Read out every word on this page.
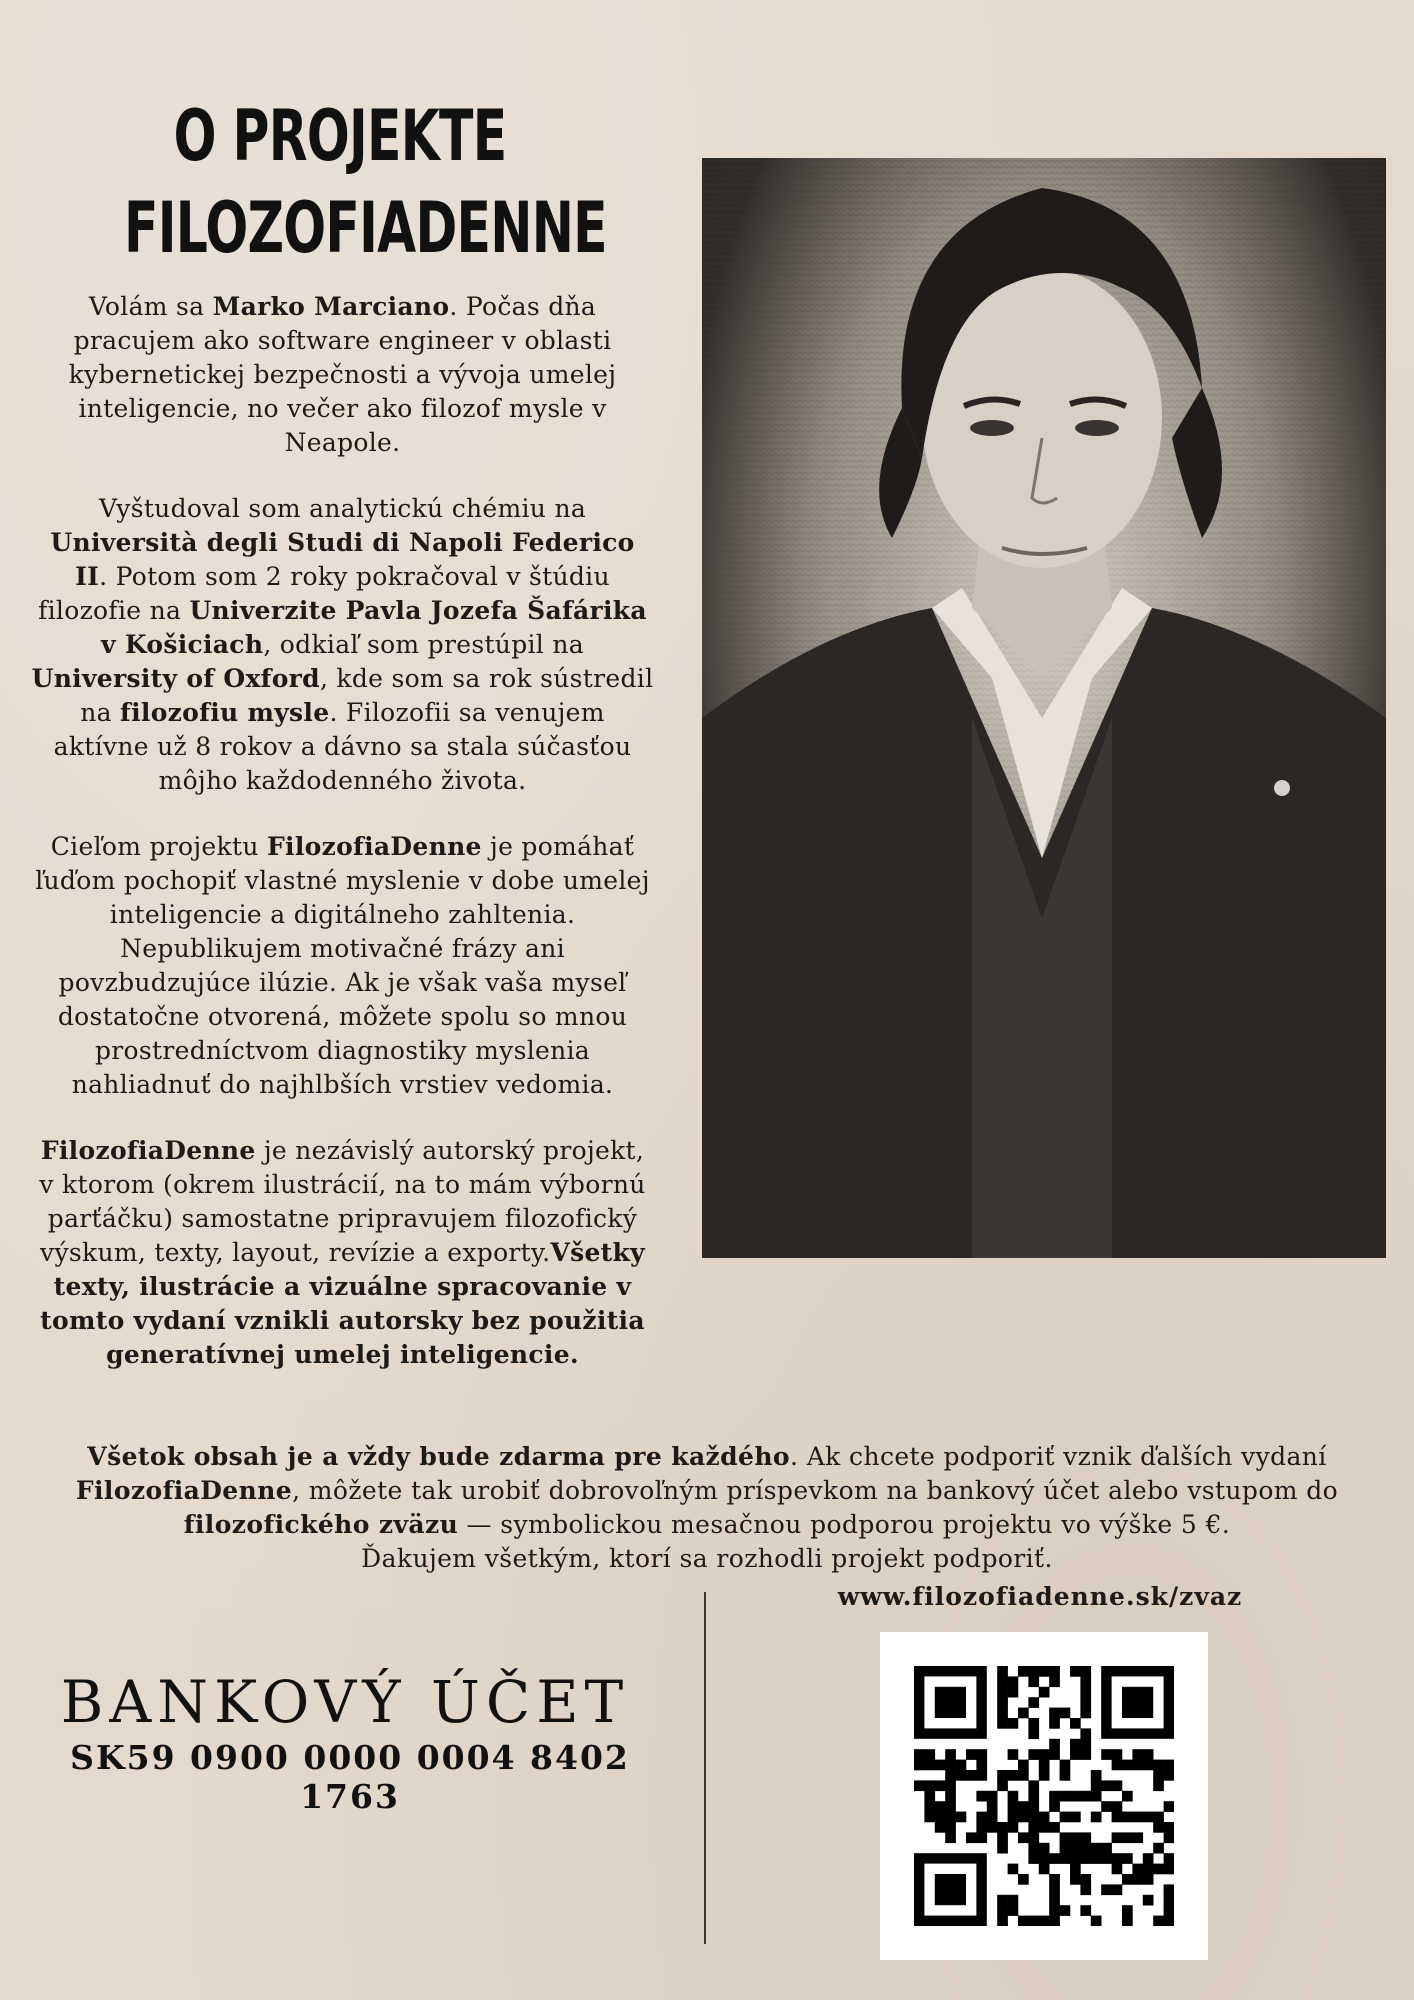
O PROJEKTE
FILOZOFIADENNE

Volám sa Marko Marciano. Počas dňa pracujem ako software engineer v oblasti kybernetickej bezpečnosti a vývoja umelej inteligencie, no večer ako filozof mysle v Neapole.

Vyštudoval som analytickú chémiu na Università degli Studi di Napoli Federico II. Potom som 2 roky pokračoval v štúdiu filozofie na Univerzite Pavla Jozefa Šafárika v Košiciach, odkiaľ som prestúpil na University of Oxford, kde som sa rok sústredil na filozofiu mysle. Filozofii sa venujem aktívne už 8 rokov a dávno sa stala súčasťou môjho každodenného života.

Cieľom projektu FilozofiaDenne je pomáhať ľuďom pochopiť vlastné myslenie v dobe umelej inteligencie a digitálneho zahltenia. Nepublikujem motivačné frázy ani povzbudzujúce ilúzie. Ak je však vaša myseľ dostatočne otvorená, môžete spolu so mnou prostredníctvom diagnostiky myslenia nahliadnuť do najhlbších vrstiev vedomia.

FilozofiaDenne je nezávislý autorský projekt, v ktorom (okrem ilustrácií, na to mám výbornú parťáčku) samostatne pripravujem filozofický výskum, texty, layout, revízie a exporty.Všetky texty, ilustrácie a vizuálne spracovanie v tomto vydaní vznikli autorsky bez použitia generatívnej umelej inteligencie.

Všetok obsah je a vždy bude zdarma pre každého. Ak chcete podporiť vznik ďalších vydaní FilozofiaDenne, môžete tak urobiť dobrovoľným príspevkom na bankový účet alebo vstupom do filozofického zväzu — symbolickou mesačnou podporou projektu vo výške 5 €.
Ďakujem všetkým, ktorí sa rozhodli projekt podporiť.
www.filozofiadenne.sk/zvaz
BANKOVÝ ÚČET
SK59 0900 0000 0004 8402 1763
